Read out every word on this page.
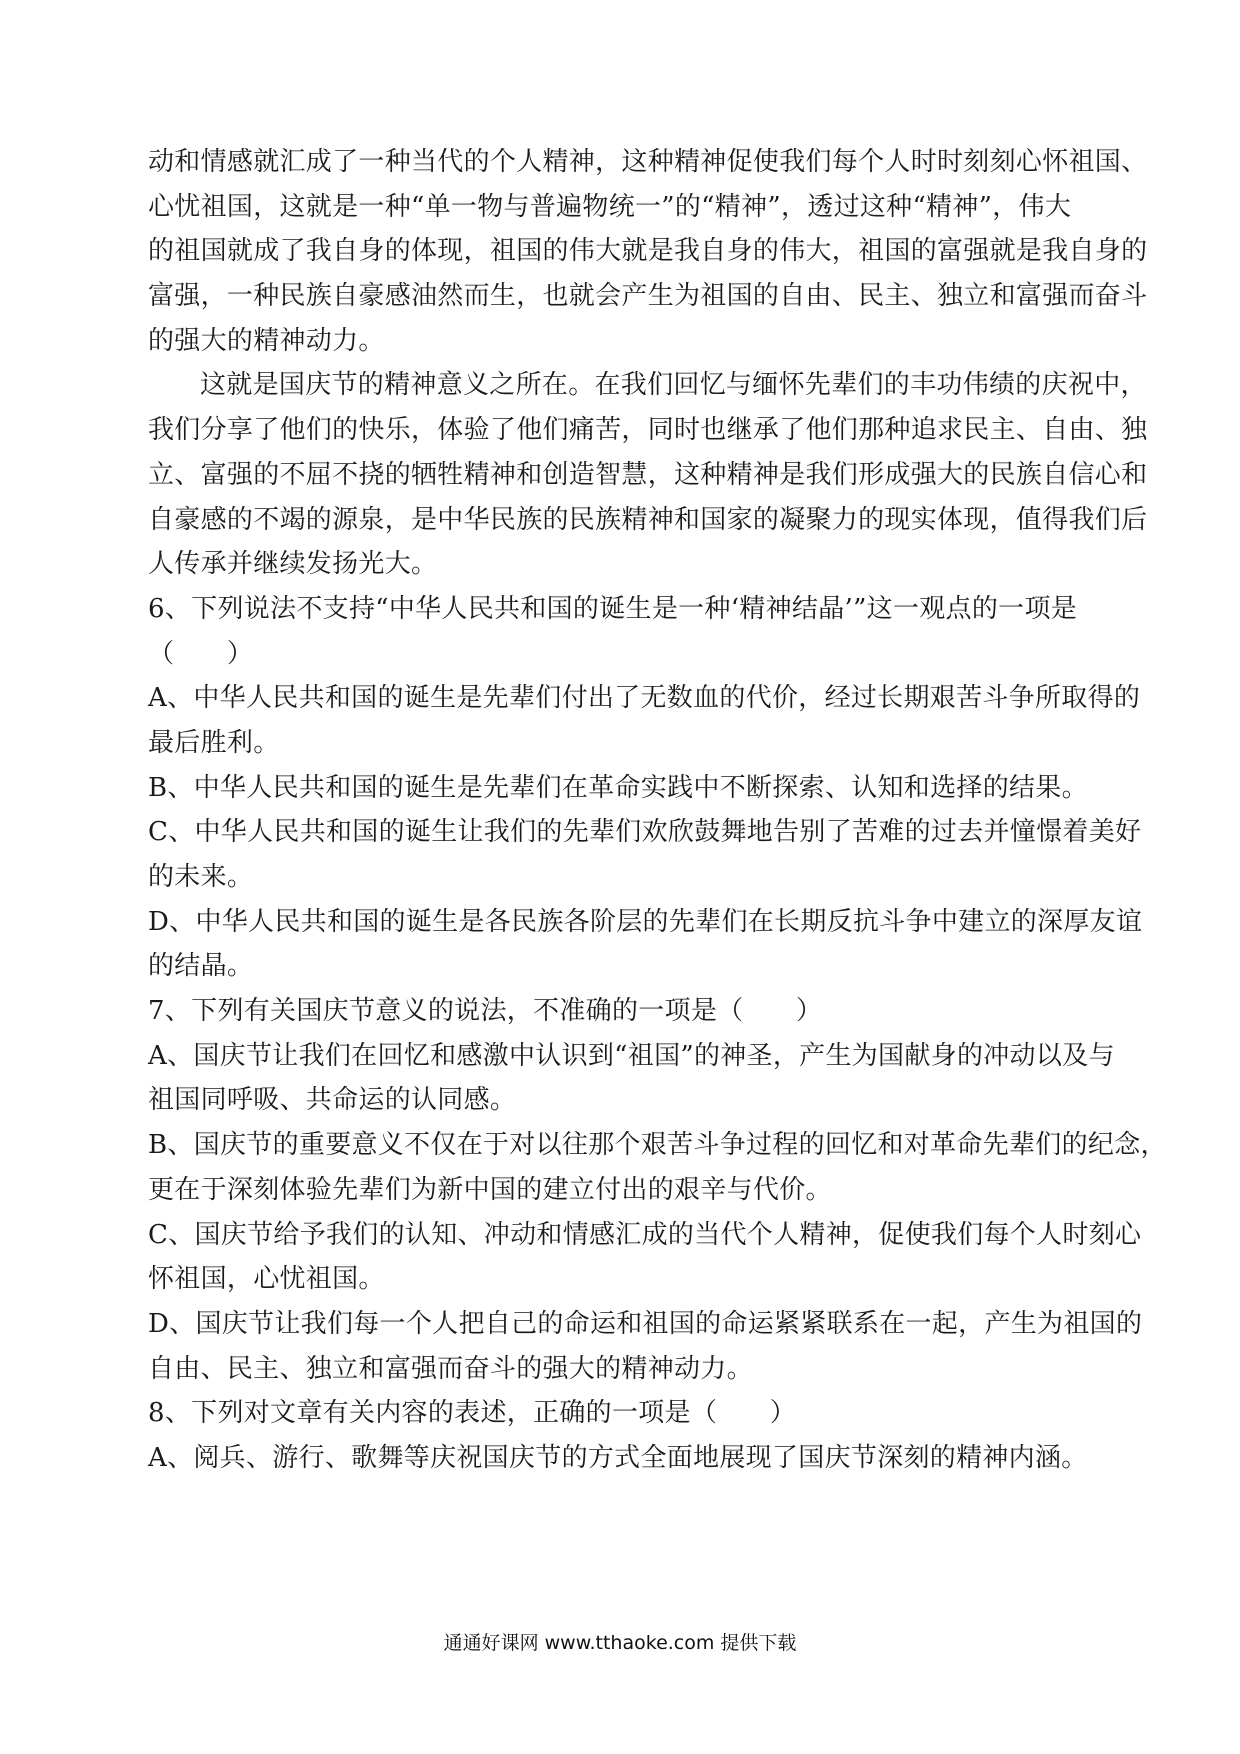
动和情感就汇成了一种当代的个人精神，这种精神促使我们每个人时时刻刻心怀祖国、
心忧祖国，这就是一种“单一物与普遍物统一”的“精神”，透过这种“精神”，伟大
的祖国就成了我自身的体现，祖国的伟大就是我自身的伟大，祖国的富强就是我自身的
富强，一种民族自豪感油然而生，也就会产生为祖国的自由、民主、独立和富强而奋斗
的强大的精神动力。
这就是国庆节的精神意义之所在。在我们回忆与缅怀先辈们的丰功伟绩的庆祝中，
我们分享了他们的快乐，体验了他们痛苦，同时也继承了他们那种追求民主、自由、独
立、富强的不屈不挠的牺牲精神和创造智慧，这种精神是我们形成强大的民族自信心和
自豪感的不竭的源泉，是中华民族的民族精神和国家的凝聚力的现实体现，值得我们后
人传承并继续发扬光大。
6、下列说法不支持“中华人民共和国的诞生是一种‘精神结晶’”这一观点的一项是
（　　）
A、中华人民共和国的诞生是先辈们付出了无数血的代价，经过长期艰苦斗争所取得的
最后胜利。
B、中华人民共和国的诞生是先辈们在革命实践中不断探索、认知和选择的结果。
C、中华人民共和国的诞生让我们的先辈们欢欣鼓舞地告别了苦难的过去并憧憬着美好
的未来。
D、中华人民共和国的诞生是各民族各阶层的先辈们在长期反抗斗争中建立的深厚友谊
的结晶。
7、下列有关国庆节意义的说法，不准确的一项是（　　）
A、国庆节让我们在回忆和感激中认识到“祖国”的神圣，产生为国献身的冲动以及与
祖国同呼吸、共命运的认同感。
B、国庆节的重要意义不仅在于对以往那个艰苦斗争过程的回忆和对革命先辈们的纪念，
更在于深刻体验先辈们为新中国的建立付出的艰辛与代价。
C、国庆节给予我们的认知、冲动和情感汇成的当代个人精神，促使我们每个人时刻心
怀祖国，心忧祖国。
D、国庆节让我们每一个人把自己的命运和祖国的命运紧紧联系在一起，产生为祖国的
自由、民主、独立和富强而奋斗的强大的精神动力。
8、下列对文章有关内容的表述，正确的一项是（　　）
A、阅兵、游行、歌舞等庆祝国庆节的方式全面地展现了国庆节深刻的精神内涵。
通通好课网 www.tthaoke.com 提供下载
